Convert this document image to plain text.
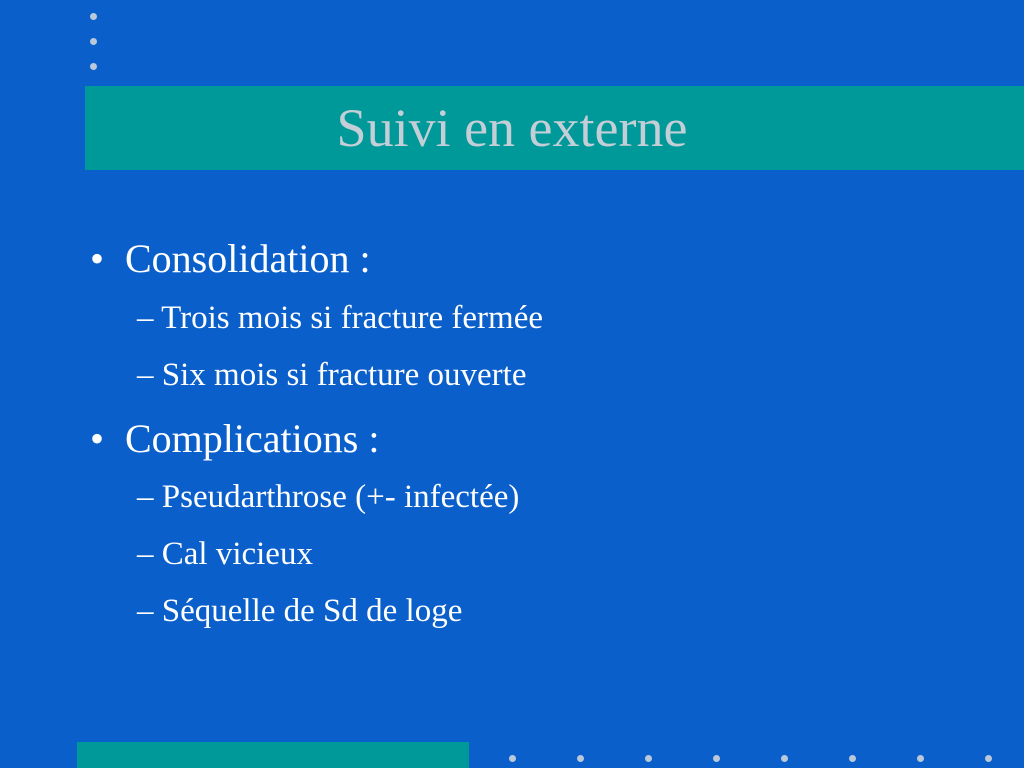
Suivi en externe
• Consolidation :
– Trois mois si fracture fermée
– Six mois si fracture ouverte
• Complications :
– Pseudarthrose (+- infectée)
– Cal vicieux
– Séquelle de Sd de loge
